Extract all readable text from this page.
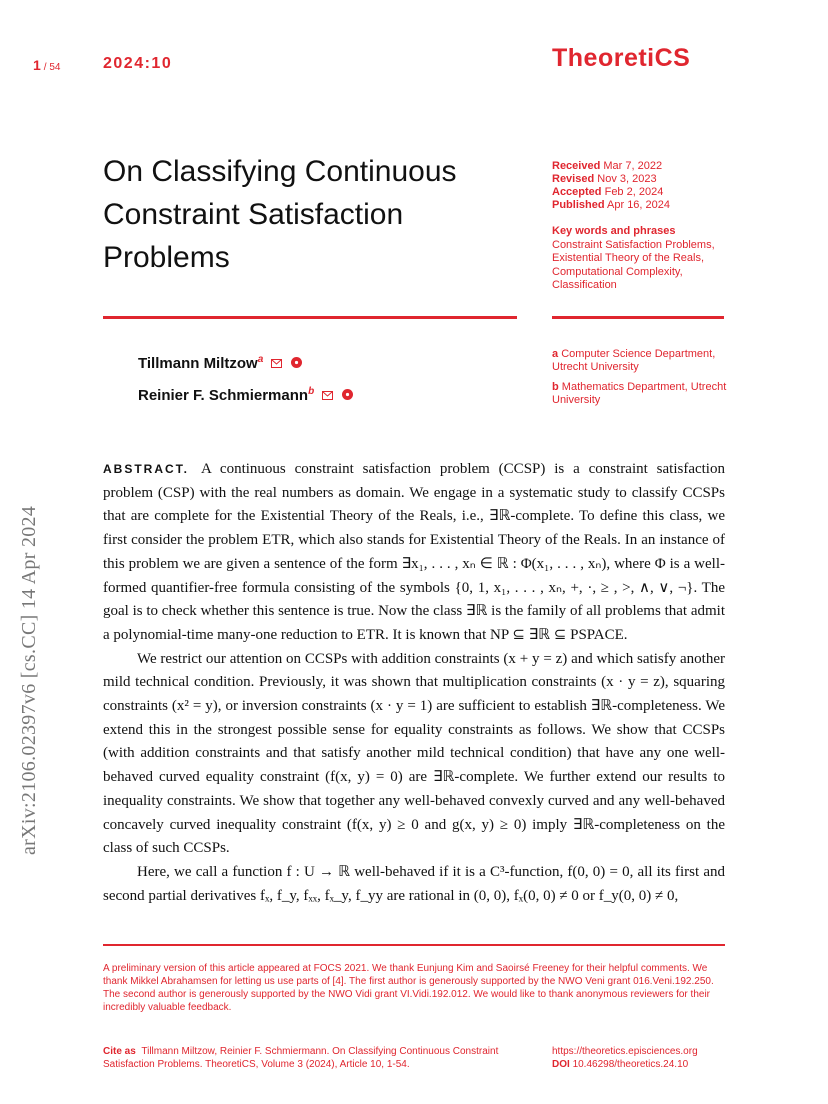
1 / 54	2024:10	TheoretiCS
On Classifying Continuous Constraint Satisfaction Problems
Received Mar 7, 2022
Revised Nov 3, 2023
Accepted Feb 2, 2024
Published Apr 16, 2024
Key words and phrases
Constraint Satisfaction Problems, Existential Theory of the Reals, Computational Complexity, Classification
Tillmann Miltzow$^a$
Reinier F. Schmiermann$^b$
a Computer Science Department, Utrecht University
b Mathematics Department, Utrecht University
arXiv:2106.02397v6 [cs.CC] 14 Apr 2024

ABSTRACT. A continuous constraint satisfaction problem (CCSP) is a constraint satisfaction problem (CSP) with the real numbers as domain. We engage in a systematic study to classify CCSPs that are complete for the Existential Theory of the Reals, i.e., ∃ℝ-complete. To define this class, we first consider the problem ETR, which also stands for Existential Theory of the Reals. In an instance of this problem we are given a sentence of the form ∃x₁, . . . , xₙ ∈ ℝ : Φ(x₁, . . . , xₙ), where Φ is a well-formed quantifier-free formula consisting of the symbols {0, 1, x₁, . . . , xₙ, +, ·, ≥ , >, ∧, ∨, ¬}. The goal is to check whether this sentence is true. Now the class ∃ℝ is the family of all problems that admit a polynomial-time many-one reduction to ETR. It is known that NP ⊆ ∃ℝ ⊆ PSPACE.

We restrict our attention on CCSPs with addition constraints (x + y = z) and which satisfy another mild technical condition. Previously, it was shown that multiplication constraints (x · y = z), squaring constraints (x² = y), or inversion constraints (x · y = 1) are sufficient to establish ∃ℝ-completeness. We extend this in the strongest possible sense for equality constraints as follows. We show that CCSPs (with addition constraints and that satisfy another mild technical condition) that have any one well-behaved curved equality constraint (f(x, y) = 0) are ∃ℝ-complete. We further extend our results to inequality constraints. We show that together any well-behaved convexly curved and any well-behaved concavely curved inequality constraint (f(x, y) ≥ 0 and g(x, y) ≥ 0) imply ∃ℝ-completeness on the class of such CCSPs.

Here, we call a function f : U → ℝ well-behaved if it is a C³-function, f(0, 0) = 0, all its first and second partial derivatives fₓ, f_y, fₓₓ, fₓ_y, f_yy are rational in (0, 0), fₓ(0, 0) ≠ 0 or f_y(0, 0) ≠ 0,

A preliminary version of this article appeared at FOCS 2021. We thank Eunjung Kim and Saoirsé Freeney for their helpful comments. We thank Mikkel Abrahamsen for letting us use parts of [4]. The first author is generously supported by the NWO Veni grant 016.Veni.192.250. The second author is generously supported by the NWO Vidi grant VI.Vidi.192.012. We would like to thank anonymous reviewers for their incredibly valuable feedback.
Cite as Tillmann Miltzow, Reinier F. Schmiermann. On Classifying Continuous Constraint Satisfaction Problems. TheoretiCS, Volume 3 (2024), Article 10, 1-54.
https://theoretics.episciences.org
DOI 10.46298/theoretics.24.10
